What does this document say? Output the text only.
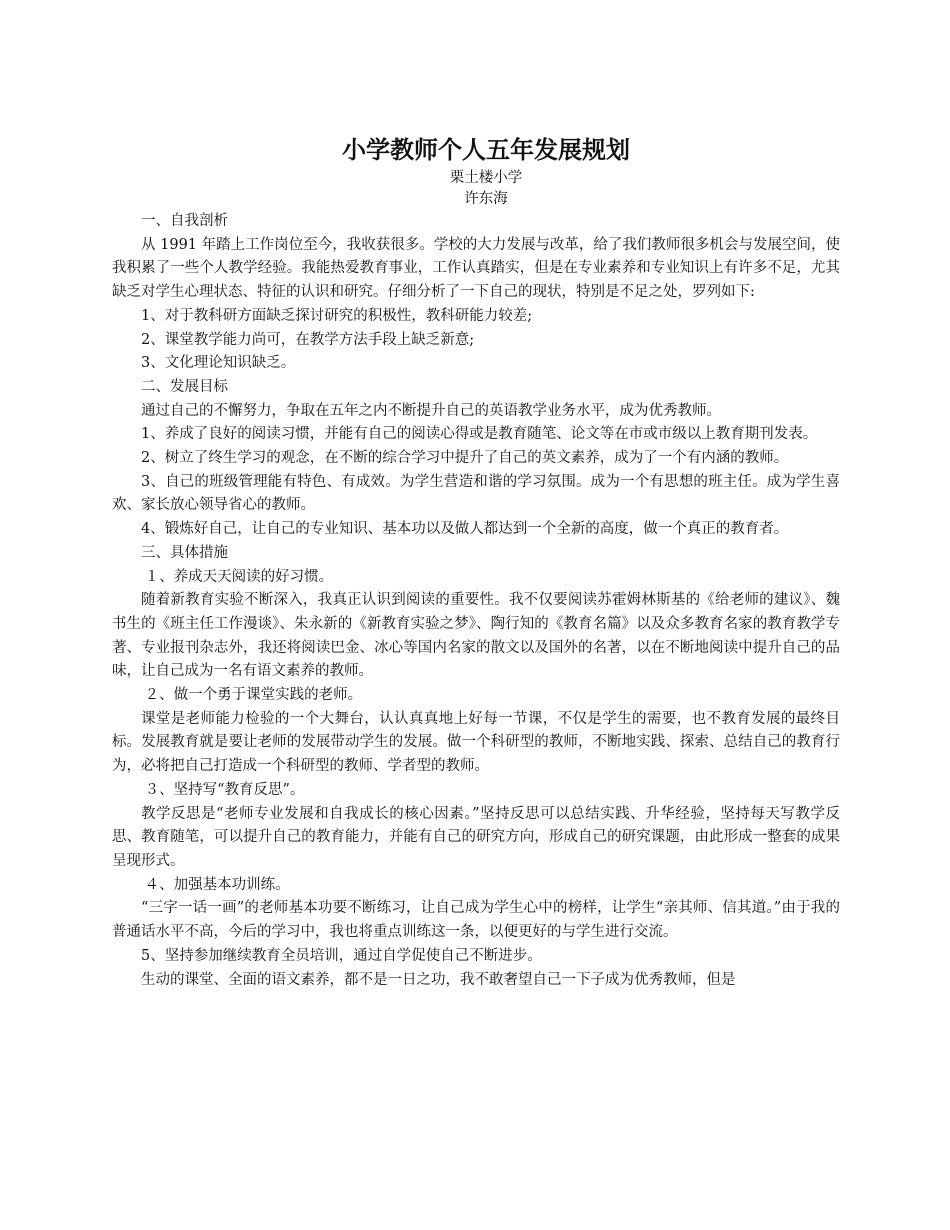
小学教师个人五年发展规划

栗土楼小学

许东海

一、自我剖析

从 1991 年踏上工作岗位至今，我收获很多。学校的大力发展与改革，给了我们教师很多机会与发展空间，使我积累了一些个人教学经验。我能热爱教育事业，工作认真踏实，但是在专业素养和专业知识上有许多不足，尤其缺乏对学生心理状态、特征的认识和研究。仔细分析了一下自己的现状，特别是不足之处，罗列如下:

1、对于教科研方面缺乏探讨研究的积极性，教科研能力较差;

2、课堂教学能力尚可，在教学方法手段上缺乏新意;

3、文化理论知识缺乏。

二、发展目标

通过自己的不懈努力，争取在五年之内不断提升自己的英语教学业务水平，成为优秀教师。

1、养成了良好的阅读习惯，并能有自己的阅读心得或是教育随笔、论文等在市或市级以上教育期刊发表。

2、树立了终生学习的观念，在不断的综合学习中提升了自己的英文素养，成为了一个有内涵的教师。

3、自己的班级管理能有特色、有成效。为学生营造和谐的学习氛围。成为一个有思想的班主任。成为学生喜欢、家长放心领导省心的教师。

4、锻炼好自己，让自己的专业知识、基本功以及做人都达到一个全新的高度，做一个真正的教育者。

三、具体措施

１、养成天天阅读的好习惯。

随着新教育实验不断深入，我真正认识到阅读的重要性。我不仅要阅读苏霍姆林斯基的《给老师的建议》、魏书生的《班主任工作漫谈》、朱永新的《新教育实验之梦》、陶行知的《教育名篇》以及众多教育名家的教育教学专著、专业报刊杂志外，我还将阅读巴金、冰心等国内名家的散文以及国外的名著，以在不断地阅读中提升自己的品味，让自己成为一名有语文素养的教师。

２、做一个勇于课堂实践的老师。

课堂是老师能力检验的一个大舞台，认认真真地上好每一节课，不仅是学生的需要，也不教育发展的最终目标。发展教育就是要让老师的发展带动学生的发展。做一个科研型的教师，不断地实践、探索、总结自己的教育行为，必将把自己打造成一个科研型的教师、学者型的教师。

３、坚持写“教育反思”。

教学反思是“老师专业发展和自我成长的核心因素。”坚持反思可以总结实践、升华经验，坚持每天写教学反思、教育随笔，可以提升自己的教育能力，并能有自己的研究方向，形成自己的研究课题，由此形成一整套的成果呈现形式。

４、加强基本功训练。

“三字一话一画”的老师基本功要不断练习，让自己成为学生心中的榜样，让学生“亲其师、信其道。”由于我的普通话水平不高，今后的学习中，我也将重点训练这一条，以便更好的与学生进行交流。

5、坚持参加继续教育全员培训，通过自学促使自己不断进步。

生动的课堂、全面的语文素养，都不是一日之功，我不敢奢望自己一下子成为优秀教师，但是
